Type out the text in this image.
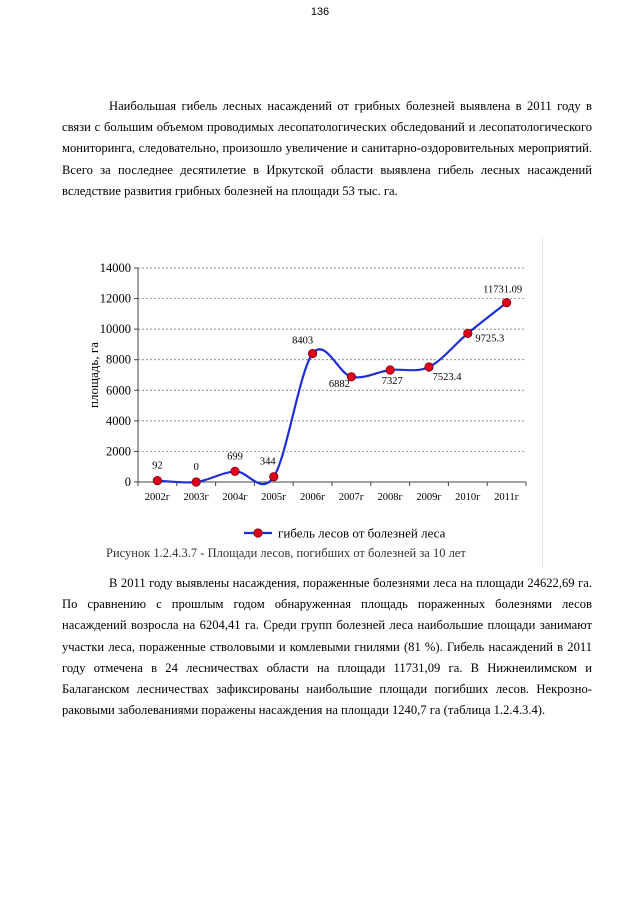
136

Наибольшая гибель лесных насаждений от грибных болезней выявлена в 2011 году в связи с большим объемом проводимых лесопатологических обследований и лесопатологического мониторинга, следовательно, произошло увеличение и санитарно-оздоровительных мероприятий. Всего за последнее десятилетие в Иркутской области выявлена гибель лесных насаждений вследствие развития грибных болезней на площади 53 тыс. га.

0
2000
4000
6000
8000
10000
12000
14000
2002г 2003г 2004г 2005г 2006г 2007г 2008г 2009г 2010г 2011г
площадь, га
92	0
699 344
8403
6882	7327	7523.4
9725.3
11731.09
гибель лесов от болезней леса
Рисунок 1.2.4.3.7 - Площади лесов, погибших от болезней за 10 лет

В 2011 году выявлены насаждения, пораженные болезнями леса на площади 24622,69 га. По сравнению с прошлым годом обнаруженная площадь пораженных болезнями лесов насаждений возросла на 6204,41 га. Среди групп болезней леса наибольшие площади занимают участки леса, пораженные стволовыми и комлевыми гнилями (81 %). Гибель насаждений в 2011 году отмечена в 24 лесничествах области на площади 11731,09 га. В Нижнеилимском и Балаганском лесничествах зафиксированы наибольшие площади погибших лесов. Некрозно-раковыми заболеваниями поражены насаждения на площади 1240,7 га (таблица 1.2.4.3.4).
